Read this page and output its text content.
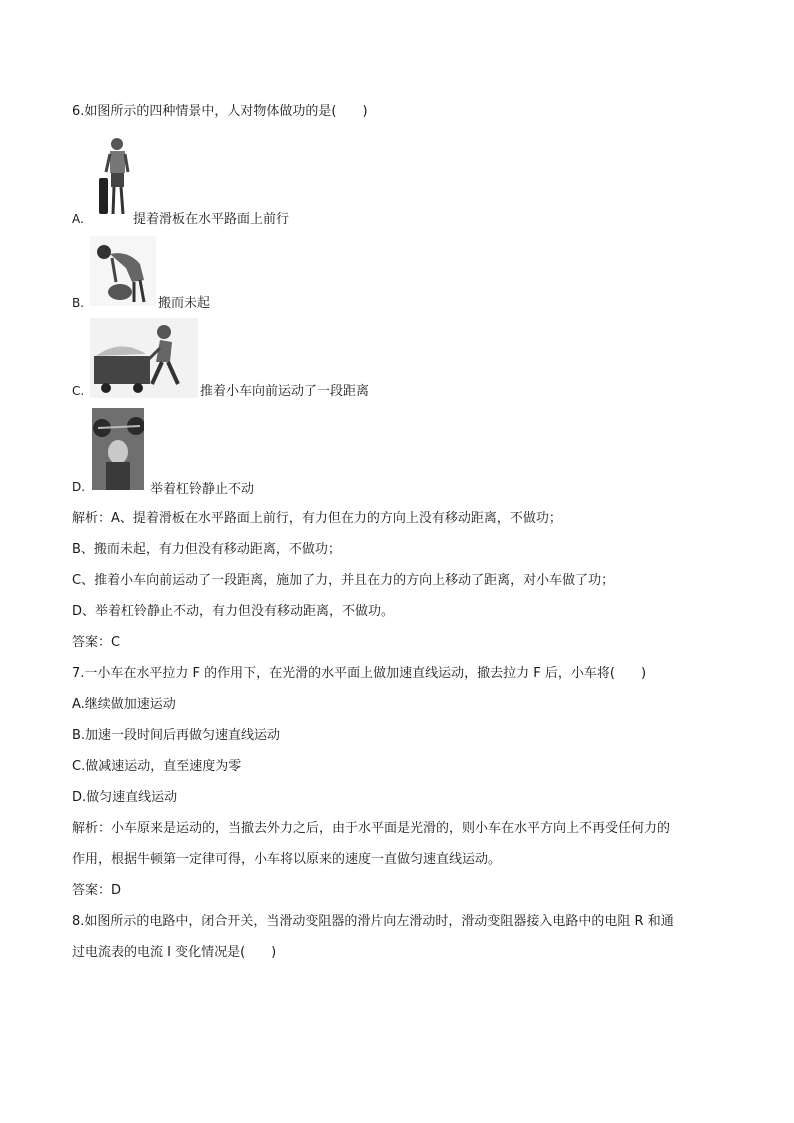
6.如图所示的四种情景中，人对物体做功的是(　　)
A.	提着滑板在水平路面上前行
B.	搬而未起
C.	推着小车向前运动了一段距离
D.	举着杠铃静止不动
解析：A、提着滑板在水平路面上前行，有力但在力的方向上没有移动距离，不做功；
B、搬而未起，有力但没有移动距离，不做功；
C、推着小车向前运动了一段距离，施加了力，并且在力的方向上移动了距离，对小车做了功；
D、举着杠铃静止不动，有力但没有移动距离，不做功。
答案：C
7.一小车在水平拉力 F 的作用下，在光滑的水平面上做加速直线运动，撤去拉力 F 后，小车将(　　)
A.继续做加速运动
B.加速一段时间后再做匀速直线运动
C.做减速运动，直至速度为零
D.做匀速直线运动
解析：小车原来是运动的，当撤去外力之后，由于水平面是光滑的，则小车在水平方向上不再受任何力的
作用，根据牛顿第一定律可得，小车将以原来的速度一直做匀速直线运动。
答案：D
8.如图所示的电路中，闭合开关，当滑动变阻器的滑片向左滑动时，滑动变阻器接入电路中的电阻 R 和通
过电流表的电流 I 变化情况是(　　)
